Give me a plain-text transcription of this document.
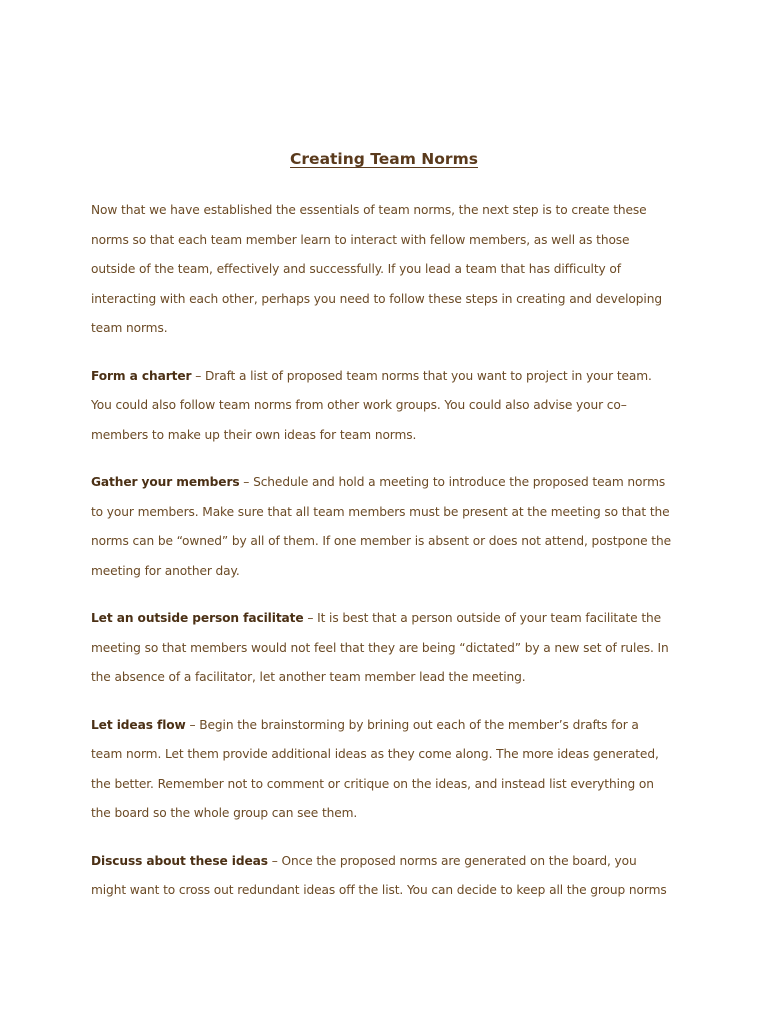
Creating Team Norms

Now that we have established the essentials of team norms, the next step is to create these norms so that each team member learn to interact with fellow members, as well as those outside of the team, effectively and successfully. If you lead a team that has difficulty of interacting with each other, perhaps you need to follow these steps in creating and developing team norms.

Form a charter – Draft a list of proposed team norms that you want to project in your team. You could also follow team norms from other work groups. You could also advise your co–members to make up their own ideas for team norms.

Gather your members – Schedule and hold a meeting to introduce the proposed team norms to your members. Make sure that all team members must be present at the meeting so that the norms can be “owned” by all of them. If one member is absent or does not attend, postpone the meeting for another day.

Let an outside person facilitate – It is best that a person outside of your team facilitate the meeting so that members would not feel that they are being “dictated” by a new set of rules. In the absence of a facilitator, let another team member lead the meeting.

Let ideas flow – Begin the brainstorming by brining out each of the member’s drafts for a team norm. Let them provide additional ideas as they come along. The more ideas generated, the better. Remember not to comment or critique on the ideas, and instead list everything on the board so the whole group can see them.

Discuss about these ideas – Once the proposed norms are generated on the board, you might want to cross out redundant ideas off the list. You can decide to keep all the group norms
